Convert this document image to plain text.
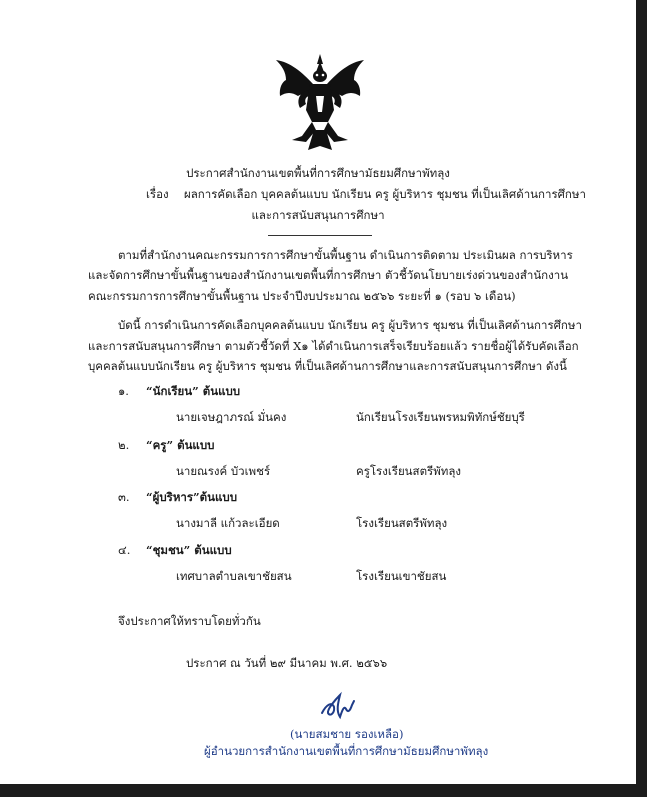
ประกาศสำนักงานเขตพื้นที่การศึกษามัธยมศึกษาพัทลุง
เรื่อง ผลการคัดเลือก บุคคลต้นแบบ นักเรียน ครู ผู้บริหาร ชุมชน ที่เป็นเลิศด้านการศึกษา
และการสนับสนุนการศึกษา
ตามที่สำนักงานคณะกรรมการการศึกษาขั้นพื้นฐาน ดำเนินการติดตาม ประเมินผล การบริหาร
และจัดการศึกษาขั้นพื้นฐานของสำนักงานเขตพื้นที่การศึกษา ตัวชี้วัดนโยบายเร่งด่วนของสำนักงาน
คณะกรรมการการศึกษาขั้นพื้นฐาน ประจำปีงบประมาณ ๒๕๖๖ ระยะที่ ๑ (รอบ ๖ เดือน)
บัดนี้ การดำเนินการคัดเลือกบุคคลต้นแบบ นักเรียน ครู ผู้บริหาร ชุมชน ที่เป็นเลิศด้านการศึกษา
และการสนับสนุนการศึกษา ตามตัวชี้วัดที่ X๑ ได้ดำเนินการเสร็จเรียบร้อยแล้ว รายชื่อผู้ได้รับคัดเลือก
บุคคลต้นแบบนักเรียน ครู ผู้บริหาร ชุมชน ที่เป็นเลิศด้านการศึกษาและการสนับสนุนการศึกษา ดังนี้
๑. “นักเรียน” ต้นแบบ
นายเจษฎาภรณ์ มั่นคง	นักเรียนโรงเรียนพรหมพิทักษ์ชัยบุรี
๒. “ครู” ต้นแบบ
นายณรงค์ บัวเพชร์	ครูโรงเรียนสตรีพัทลุง
๓. “ผู้บริหาร”ต้นแบบ
นางมาลี แก้วละเอียด	โรงเรียนสตรีพัทลุง
๔. “ชุมชน” ต้นแบบ
เทศบาลตำบลเขาชัยสน	โรงเรียนเขาชัยสน
จึงประกาศให้ทราบโดยทั่วกัน
ประกาศ ณ วันที่ ๒๙ มีนาคม พ.ศ. ๒๕๖๖
(นายสมชาย รองเหลือ)
ผู้อำนวยการสำนักงานเขตพื้นที่การศึกษามัธยมศึกษาพัทลุง
